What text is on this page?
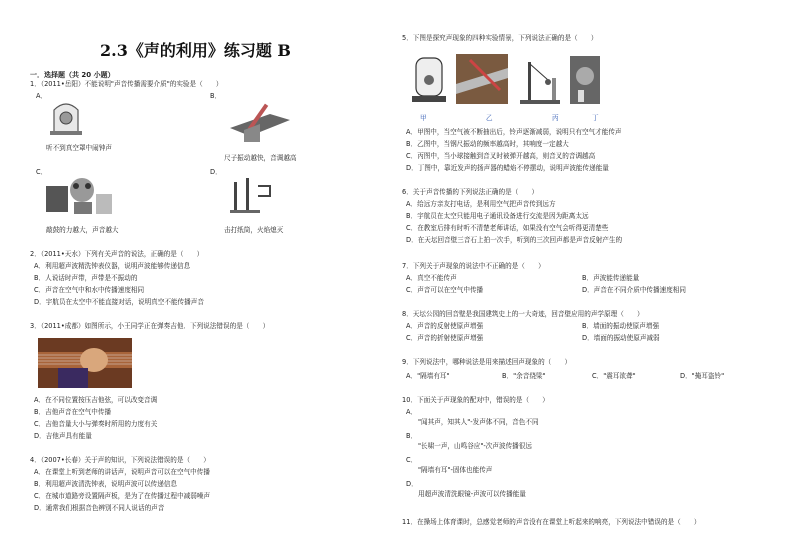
2.3《声的利用》练习题 B
一．选择题（共 20 小题）
1．（2011•岳阳）不能说明"声音传播需要介质"的实验是（　　）
A．
听不到真空罩中闹钟声
B．
尺子振动越快，音调越高
C．
敲鼓的力越大，声音越大
D．
击打纸筒，火焰熄灭
2．（2011•天水）下列有关声音的说法，正确的是（　　）
A．利用超声波精洗钟表仪器，说明声波能够传递信息
B．人说话时声带，声带是不振动的
C．声音在空气中和水中传播速度相同
D．宇航员在太空中不能直接对话，说明真空不能传播声音
3．（2011•成都）如图所示，小王同学正在弹奏吉他．下列说法错误的是（　　）
A．在不同位置按压吉他弦，可以改变音调
B．吉他声音在空气中传播
C．吉他音量大小与弹奏时所用的力度有关
D．吉他声具有能量
4．（2007•长春）关于声的知识，下列说法错误的是（　　）
A．在课堂上听到老师的讲话声，说明声音可以在空气中传播
B．利用超声波清洗钟表，说明声波可以传递信息
C．在城市道路旁设置隔声板，是为了在传播过程中减弱噪声
D．通常我们根据音色辨别不同人说话的声音
5．下图是探究声现象的四种实验情景，下列说法正确的是（　　）
甲	乙	丙	丁
A．甲图中，当空气被不断抽出后，铃声逐渐减弱，说明只有空气才能传声
B．乙图中，当钢尺振动的频率越高时，其响度一定越大
C．丙图中，当小球接触到音叉时被弹开越高，则音叉的音调越高
D．丁图中，靠近发声的扬声器的蜡焰不停摆动，说明声波能传递能量
6．关于声音传播的下列说法正确的是（　　）
A．给远方亲友打电话，是利用空气把声音传到远方
B．宇航员在太空只能用电子通讯设备进行交流是因为距离太远
C．在教室后排有时听不清楚老师讲话，如果没有空气会听得更清楚些
D．在天坛回音壁三音石上拍一次手，听到的三次回声都是声音反射产生的
7．下列关于声现象的说法中不正确的是（　　）
A．真空不能传声	B．声波能传递能量
C．声音可以在空气中传播	D．声音在不同介质中传播速度相同
8．天坛公园的回音壁是我国建筑史上的一大奇迹，回音壁应用的声学原理（　　）
A．声音的反射使原声增强	B．墙面的振动使原声增强
C．声音的折射使原声增强	D．墙面的振动使原声减弱
9．下列说法中，哪种说法是用来描述回声现象的（　　）
A．"隔墙有耳"	B．"余音绕梁"	C．"震耳欲聋"	D．"掩耳盗铃"
10．下面关于声现象的配对中，错误的是（　　）
A．
"闻其声，知其人"-发声体不同，音色不同
B．
"长啸一声，山鸣谷应"-次声波传播很远
C．
"隔墙有耳"-固体也能传声
D．
用超声波清洗眼镜-声波可以传播能量
11．在操场上体育课时，总感觉老师的声音没有在课堂上听起来的响亮，下列说法中错误的是（　　）
